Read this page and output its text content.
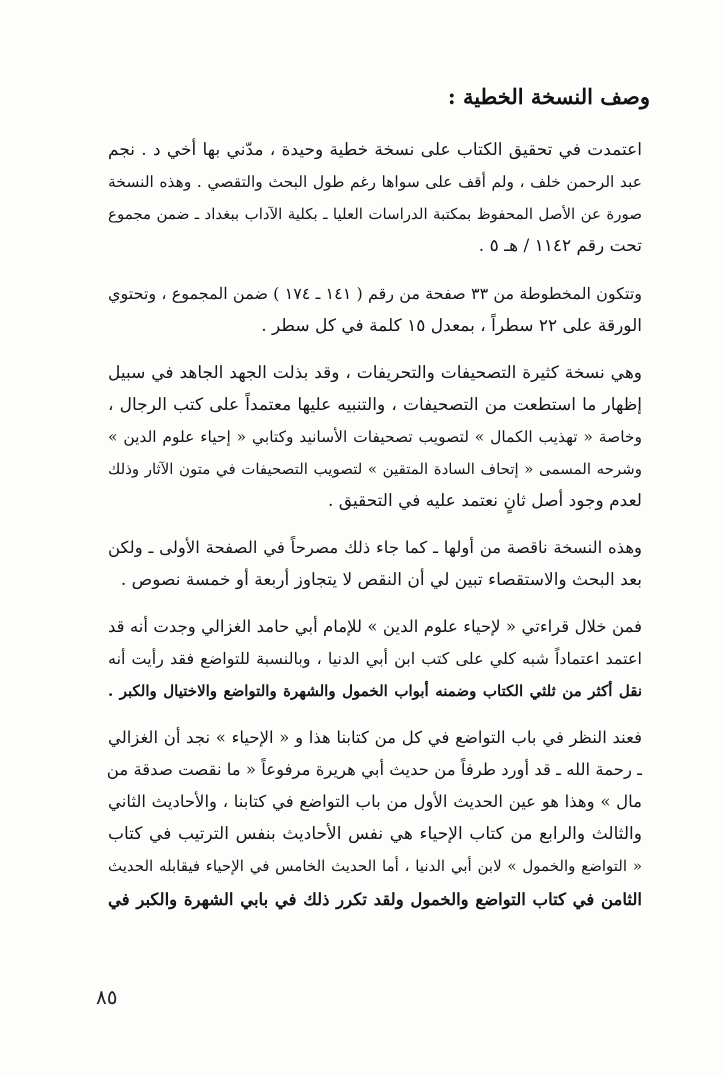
وصف النسخة الخطية :
اعتمدت في تحقيق الكتاب على نسخة خطية وحيدة ، مدّني بها أخي د . نجم
عبد الرحمن خلف ، ولم أقف على سواها رغم طول البحث والتقصي . وهذه النسخة
صورة عن الأصل المحفوظ بمكتبة الدراسات العليا ـ بكلية الآداب ببغداد ـ ضمن مجموع
تحت رقم ١١٤٢ / هـ ٥ .
وتتكون المخطوطة من ٣٣ صفحة من رقم ( ١٤١ ـ ١٧٤ ) ضمن المجموع ، وتحتوي
الورقة على ٢٢ سطراً ، بمعدل ١٥ كلمة في كل سطر .
وهي نسخة كثيرة التصحيفات والتحريفات ، وقد بذلت الجهد الجاهد في سبيل
إظهار ما استطعت من التصحيفات ، والتنبيه عليها معتمداً على كتب الرجال ،
وخاصة « تهذيب الكمال » لتصويب تصحيفات الأسانيد وكتابي « إحياء علوم الدين »
وشرحه المسمى « إتحاف السادة المتقين » لتصويب التصحيفات في متون الآثار وذلك
لعدم وجود أصل ثانٍ نعتمد عليه في التحقيق .
وهذه النسخة ناقصة من أولها ـ كما جاء ذلك مصرحاً في الصفحة الأولى ـ ولكن
بعد البحث والاستقصاء تبين لي أن النقص لا يتجاوز أربعة أو خمسة نصوص .
فمن خلال قراءتي « لإحياء علوم الدين » للإمام أبي حامد الغزالي وجدت أنه قد
اعتمد اعتماداً شبه كلي على كتب ابن أبي الدنيا ، وبالنسبة للتواضع فقد رأيت أنه
نقل أكثر من ثلثي الكتاب وضمنه أبواب الخمول والشهرة والتواضع والاختيال والكبر .
فعند النظر في باب التواضع في كل من كتابنا هذا و « الإحياء » نجد أن الغزالي
ـ رحمة الله ـ قد أورد طرفاً من حديث أبي هريرة مرفوعاً « ما نقصت صدقة من
مال » وهذا هو عين الحديث الأول من باب التواضع في كتابنا ، والأحاديث الثاني
والثالث والرابع من كتاب الإحياء هي نفس الأحاديث بنفس الترتيب في كتاب
« التواضع والخمول » لابن أبي الدنيا ، أما الحديث الخامس في الإحياء فيقابله الحديث
الثامن في كتاب التواضع والخمول ولقد تكرر ذلك في بابي الشهرة والكبر في
٨٥
